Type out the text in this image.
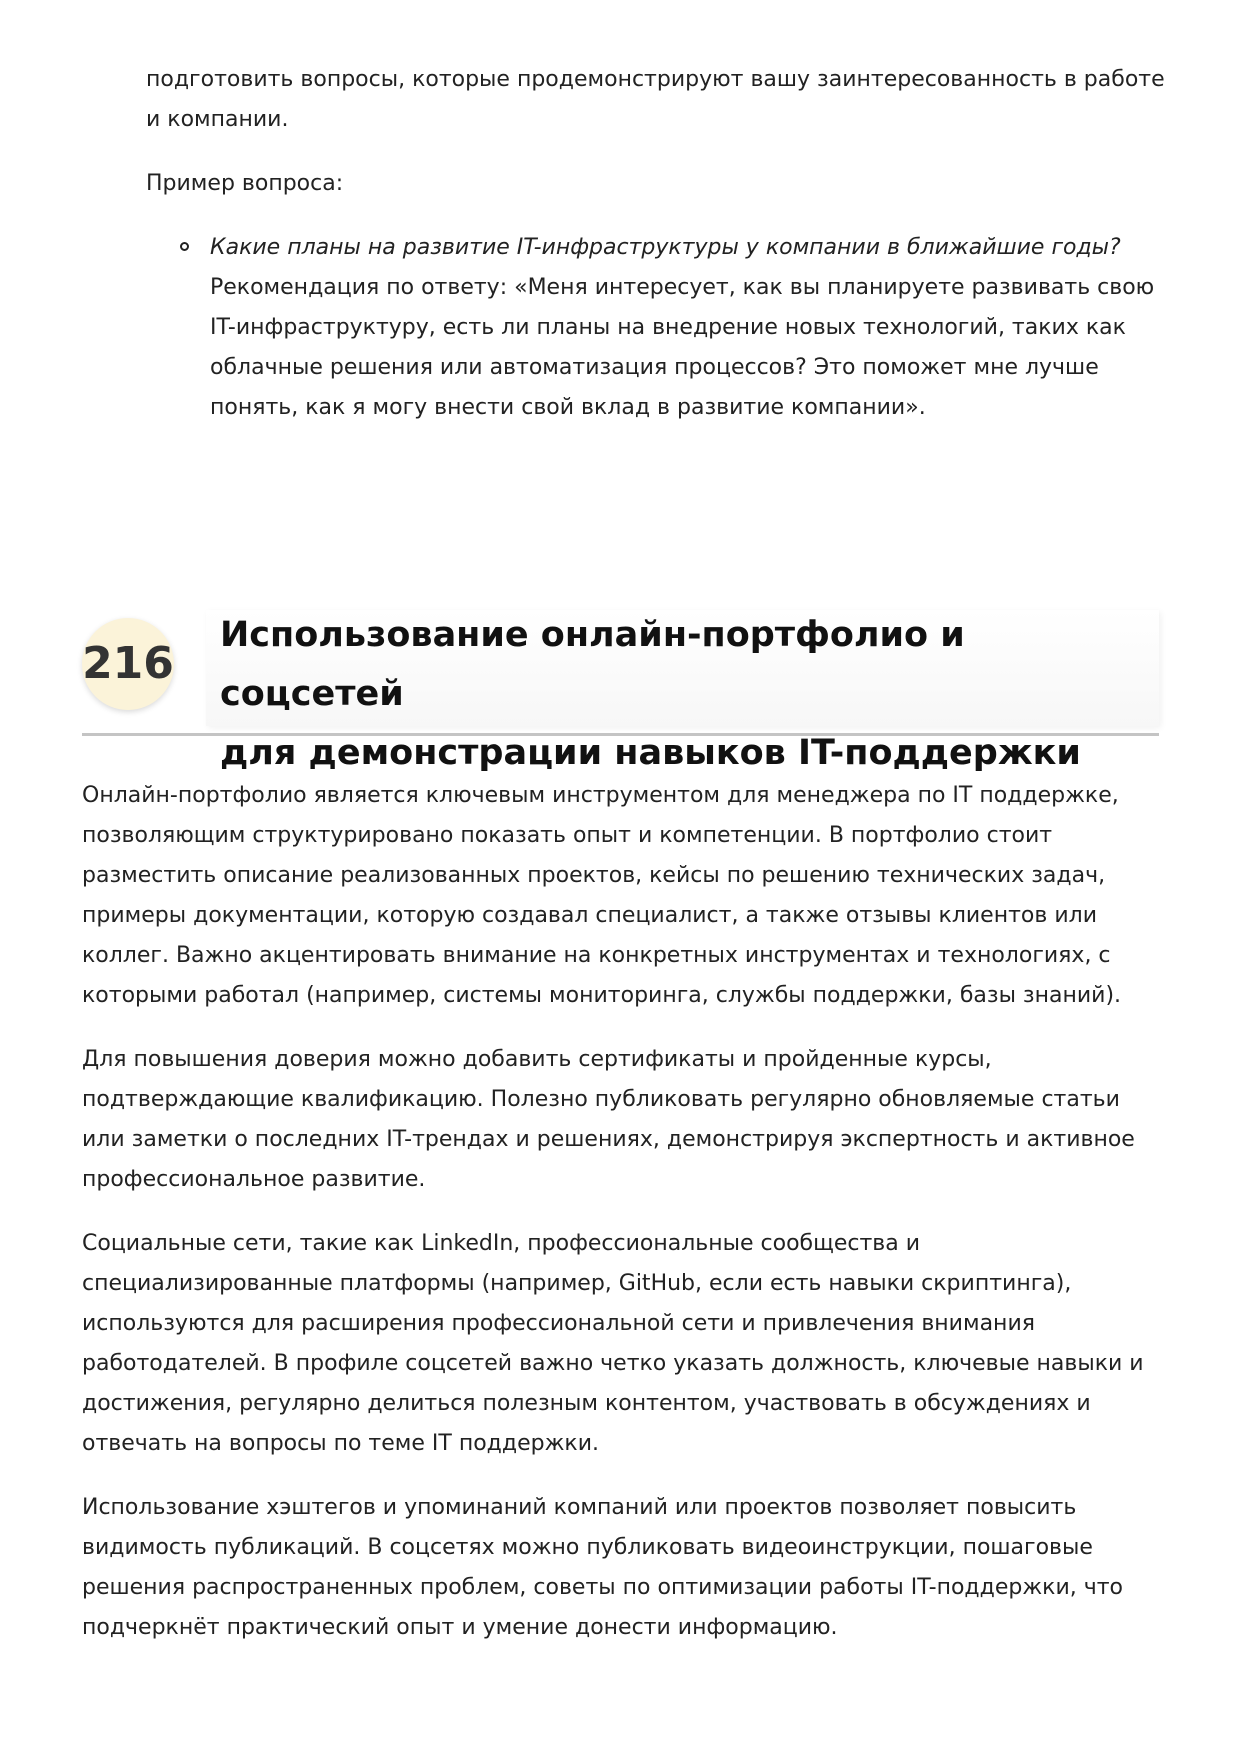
подготовить вопросы, которые продемонстрируют вашу заинтересованность в работе и компании.

Пример вопроса:

Какие планы на развитие IT-инфраструктуры у компании в ближайшие годы? Рекомендация по ответу: «Меня интересует, как вы планируете развивать свою IT-инфраструктуру, есть ли планы на внедрение новых технологий, таких как облачные решения или автоматизация процессов? Это поможет мне лучше понять, как я могу внести свой вклад в развитие компании».
216
Использование онлайн-портфолио и соцсетей
для демонстрации навыков IT-поддержки

Онлайн-портфолио является ключевым инструментом для менеджера по IT поддержке, позволяющим структурировано показать опыт и компетенции. В портфолио стоит разместить описание реализованных проектов, кейсы по решению технических задач, примеры документации, которую создавал специалист, а также отзывы клиентов или коллег. Важно акцентировать внимание на конкретных инструментах и технологиях, с которыми работал (например, системы мониторинга, службы поддержки, базы знаний).

Для повышения доверия можно добавить сертификаты и пройденные курсы, подтверждающие квалификацию. Полезно публиковать регулярно обновляемые статьи или заметки о последних IT-трендах и решениях, демонстрируя экспертность и активное профессиональное развитие.

Социальные сети, такие как LinkedIn, профессиональные сообщества и специализированные платформы (например, GitHub, если есть навыки скриптинга), используются для расширения профессиональной сети и привлечения внимания работодателей. В профиле соцсетей важно четко указать должность, ключевые навыки и достижения, регулярно делиться полезным контентом, участвовать в обсуждениях и отвечать на вопросы по теме IT поддержки.

Использование хэштегов и упоминаний компаний или проектов позволяет повысить видимость публикаций. В соцсетях можно публиковать видеоинструкции, пошаговые решения распространенных проблем, советы по оптимизации работы IT-поддержки, что подчеркнёт практический опыт и умение донести информацию.
